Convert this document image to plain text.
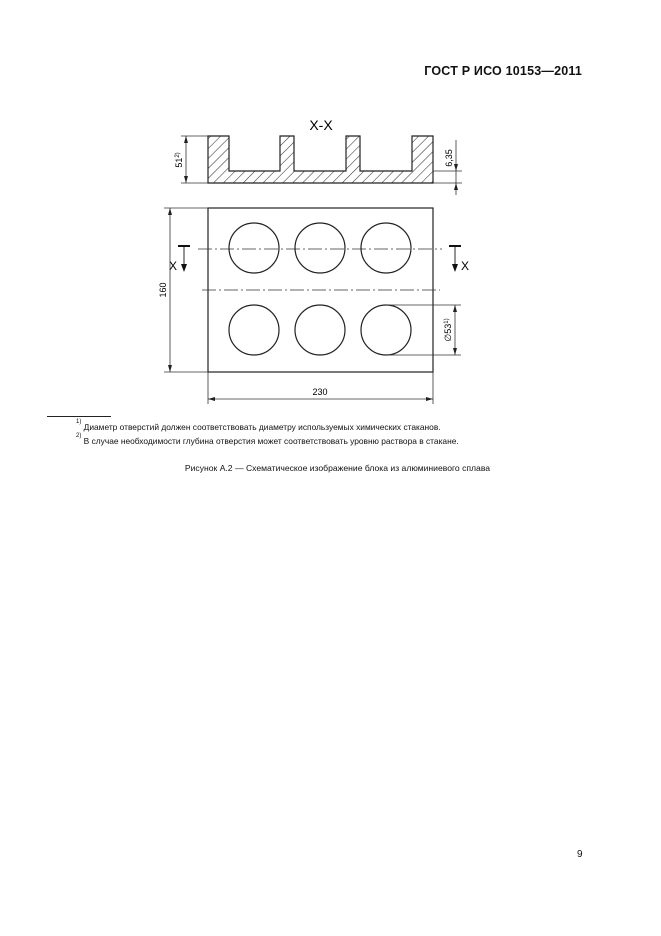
ГОСТ Р ИСО 10153—2011
X-X
51$^{2)}$	6,35
X	X
160
230
∅53$^{1)}$
$^{1)}$ Диаметр отверстий должен соответствовать диаметру используемых химических стаканов.
$^{2)}$ В случае необходимости глубина отверстия может соответствовать уровню раствора в стакане.
Рисунок А.2 — Схематическое изображение блока из алюминиевого сплава
9
